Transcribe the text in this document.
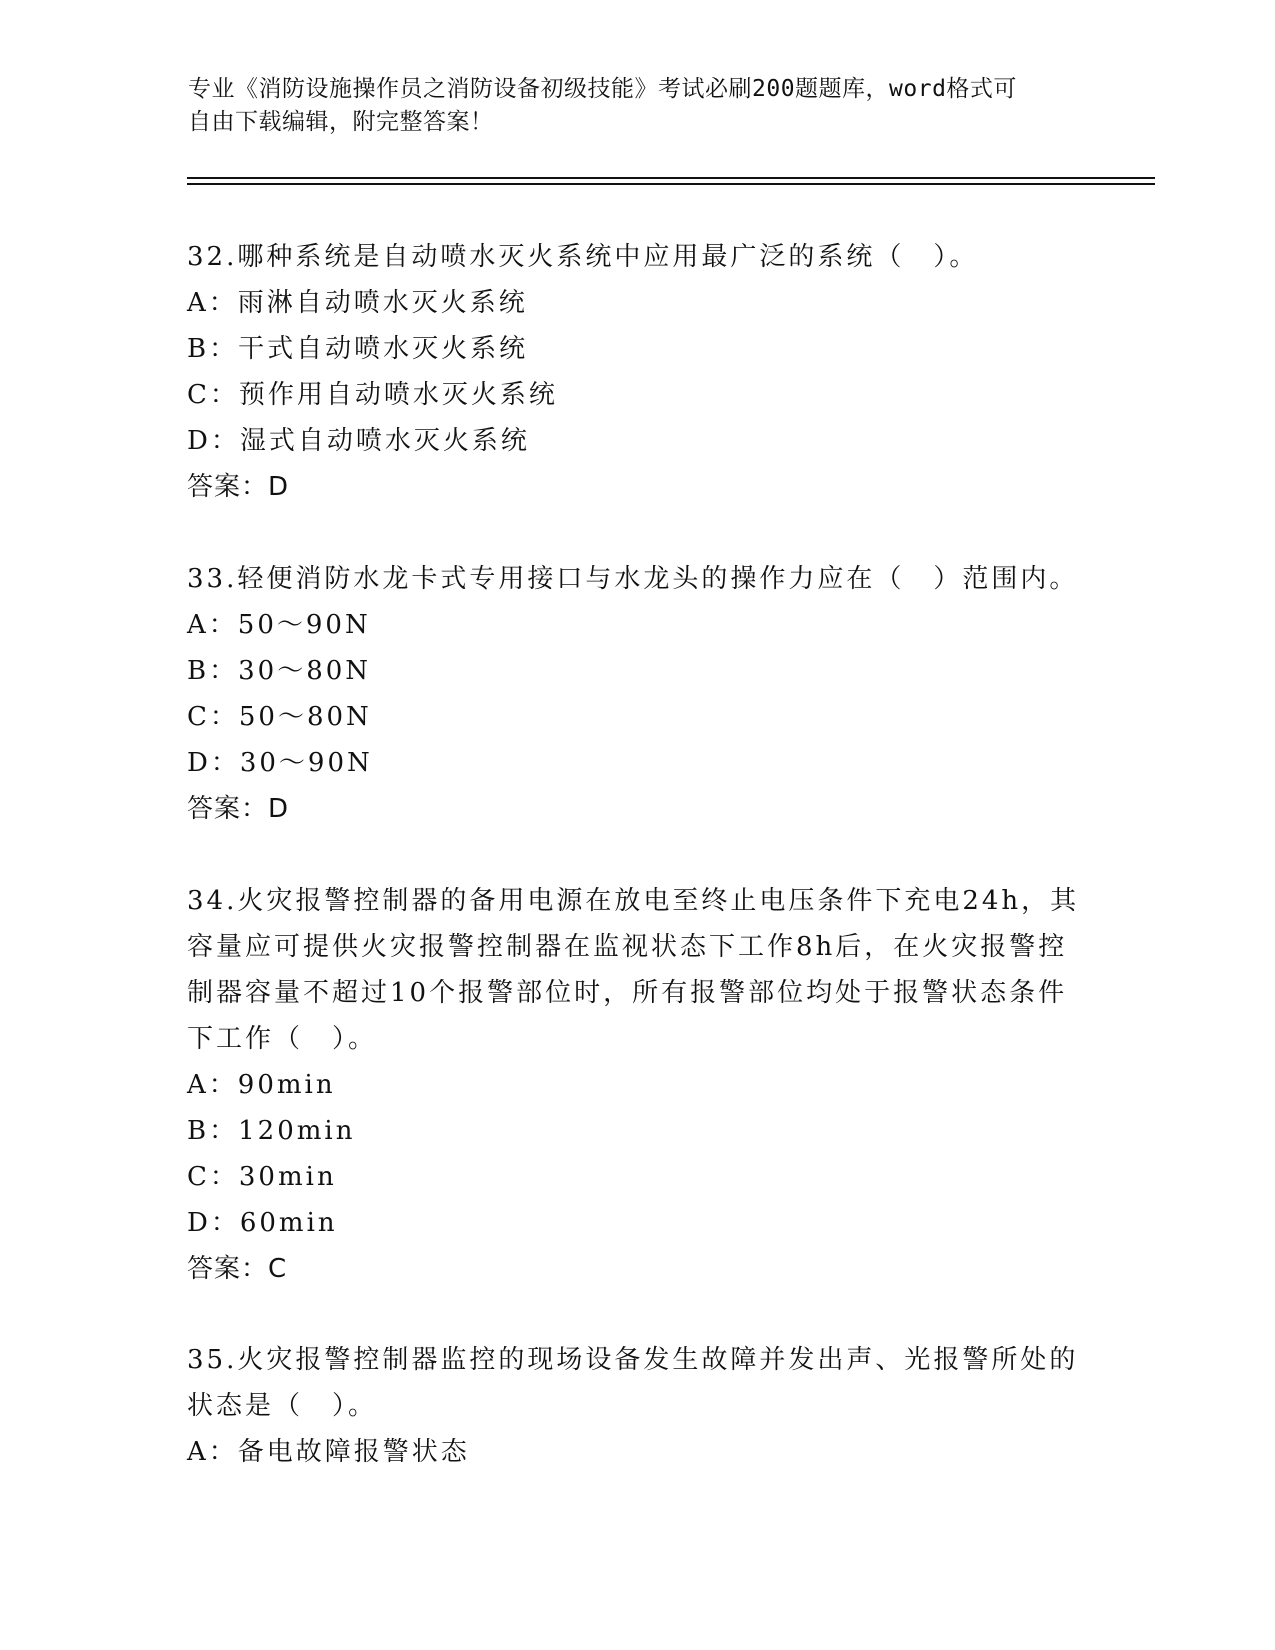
专业《消防设施操作员之消防设备初级技能》考试必刷200题题库，word格式可
自由下载编辑，附完整答案！
32.哪种系统是自动喷水灭火系统中应用最广泛的系统（　）。
A：雨淋自动喷水灭火系统
B：干式自动喷水灭火系统
C：预作用自动喷水灭火系统
D：湿式自动喷水灭火系统
答案：D
33.轻便消防水龙卡式专用接口与水龙头的操作力应在（　）范围内。
A：50～90N
B：30～80N
C：50～80N
D：30～90N
答案：D
34.火灾报警控制器的备用电源在放电至终止电压条件下充电24h，其容量应可提供火灾报警控制器在监视状态下工作8h后，在火灾报警控制器容量不超过10个报警部位时，所有报警部位均处于报警状态条件下工作（　）。
A：90min
B：120min
C：30min
D：60min
答案：C
35.火灾报警控制器监控的现场设备发生故障并发出声、光报警所处的状态是（　）。
A：备电故障报警状态
